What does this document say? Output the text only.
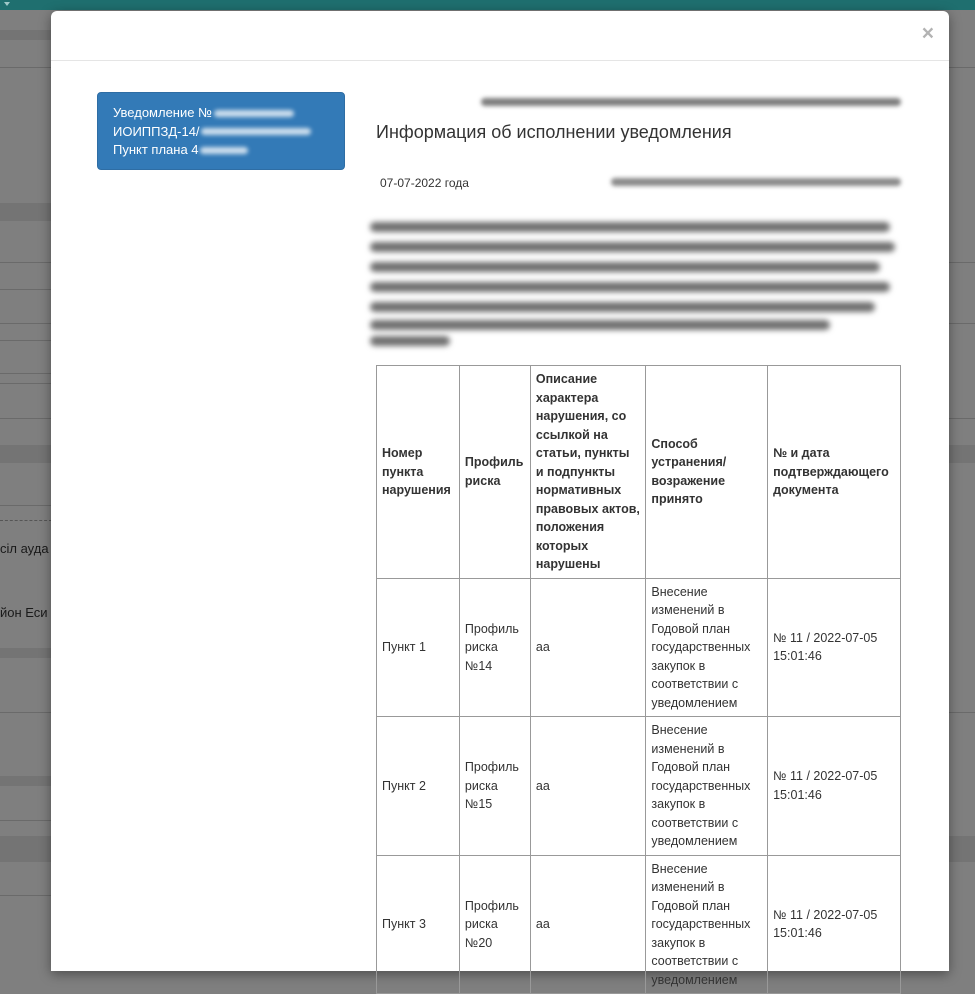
сіл ауда
йон Еси
×
Уведомление №
ИОИППЗД-14/
Пункт плана 4
Информация об исполнении уведомления
07-07-2022 года
Номер пункта нарушения	Профиль риска	Описание характера нарушения, со ссылкой на статьи, пункты и подпункты нормативных правовых актов, положения которых нарушены	Способ устранения/ возражение принято	№ и дата подтверждающего документа
Пункт 1	Профиль риска №14	аа	Внесение изменений в Годовой план государственных закупок в соответствии с уведомлением	№ 11 / 2022-07-05 15:01:46
Пункт 2	Профиль риска №15	аа	Внесение изменений в Годовой план государственных закупок в соответствии с уведомлением	№ 11 / 2022-07-05 15:01:46
Пункт 3	Профиль риска №20	аа	Внесение изменений в Годовой план государственных закупок в соответствии с уведомлением	№ 11 / 2022-07-05 15:01:46
